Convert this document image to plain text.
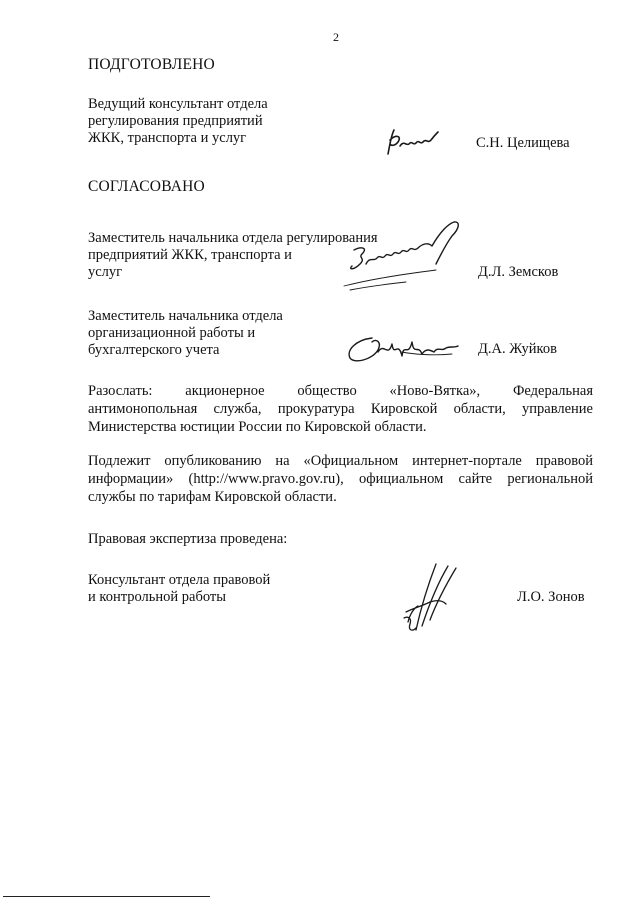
2
ПОДГОТОВЛЕНО
Ведущий консультант отдела
регулирования предприятий
ЖКК, транспорта и услуг	С.Н. Целищева
СОГЛАСОВАНО
Заместитель начальника отдела регулирования
предприятий ЖКК, транспорта и
услуг	Д.Л. Земсков
Заместитель начальника отдела
организационной работы и
бухгалтерского учета	Д.А. Жуйков
Разослать: акционерное общество «Ново-Вятка», Федеральная
антимонопольная служба, прокуратура Кировской области, управление
Министерства юстиции России по Кировской области.
Подлежит опубликованию на «Официальном интернет-портале правовой
информации» (http://www.pravo.gov.ru), официальном сайте региональной
службы по тарифам Кировской области.
Правовая экспертиза проведена:
Консультант отдела правовой
и контрольной работы	Л.О. Зонов
